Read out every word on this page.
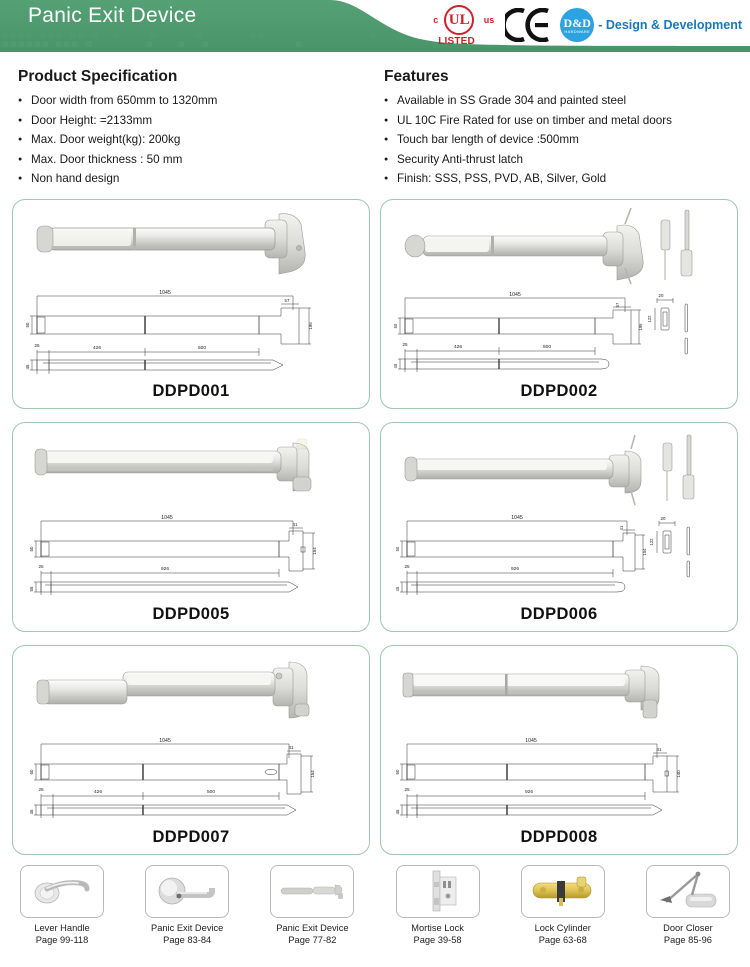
Panic Exit Device	c UL us
LISTED
D&D
HARDWARE - Design & Development
Product Specification
● Door width from 650mm to 1320mm
● Door Height: =2133mm
● Max. Door weight(kg): 200kg
● Max. Door thickness : 50 mm
● Non hand design
Features
● Available in SS Grade 304 and painted steel
● UL 10C Fire Rated for use on timber and metal doors
● Touch bar length of device :500mm
● Security Anti-thrust latch
● Finish: SSS, PSS, PVD, AB, Silver, Gold
1045
57
196
50
25
426	500
45
DDPD001
1045
57
196
50
20
122
25
426	500
45
DDPD002
1045
41
154
50
25
926
55
DDPD005
1045
41
154
50
20
122
25
926
45
DDPD006
1045
41
154
50
25
426	500
45
DDPD007
1045
41
140
50
25
926
45
DDPD008
Lever Handle
Page 99-118
Panic Exit Device
Page 83-84
Panic Exit Device
Page 77-82
Mortise Lock
Page 39-58
Lock Cylinder
Page 63-68
Door Closer
Page 85-96
